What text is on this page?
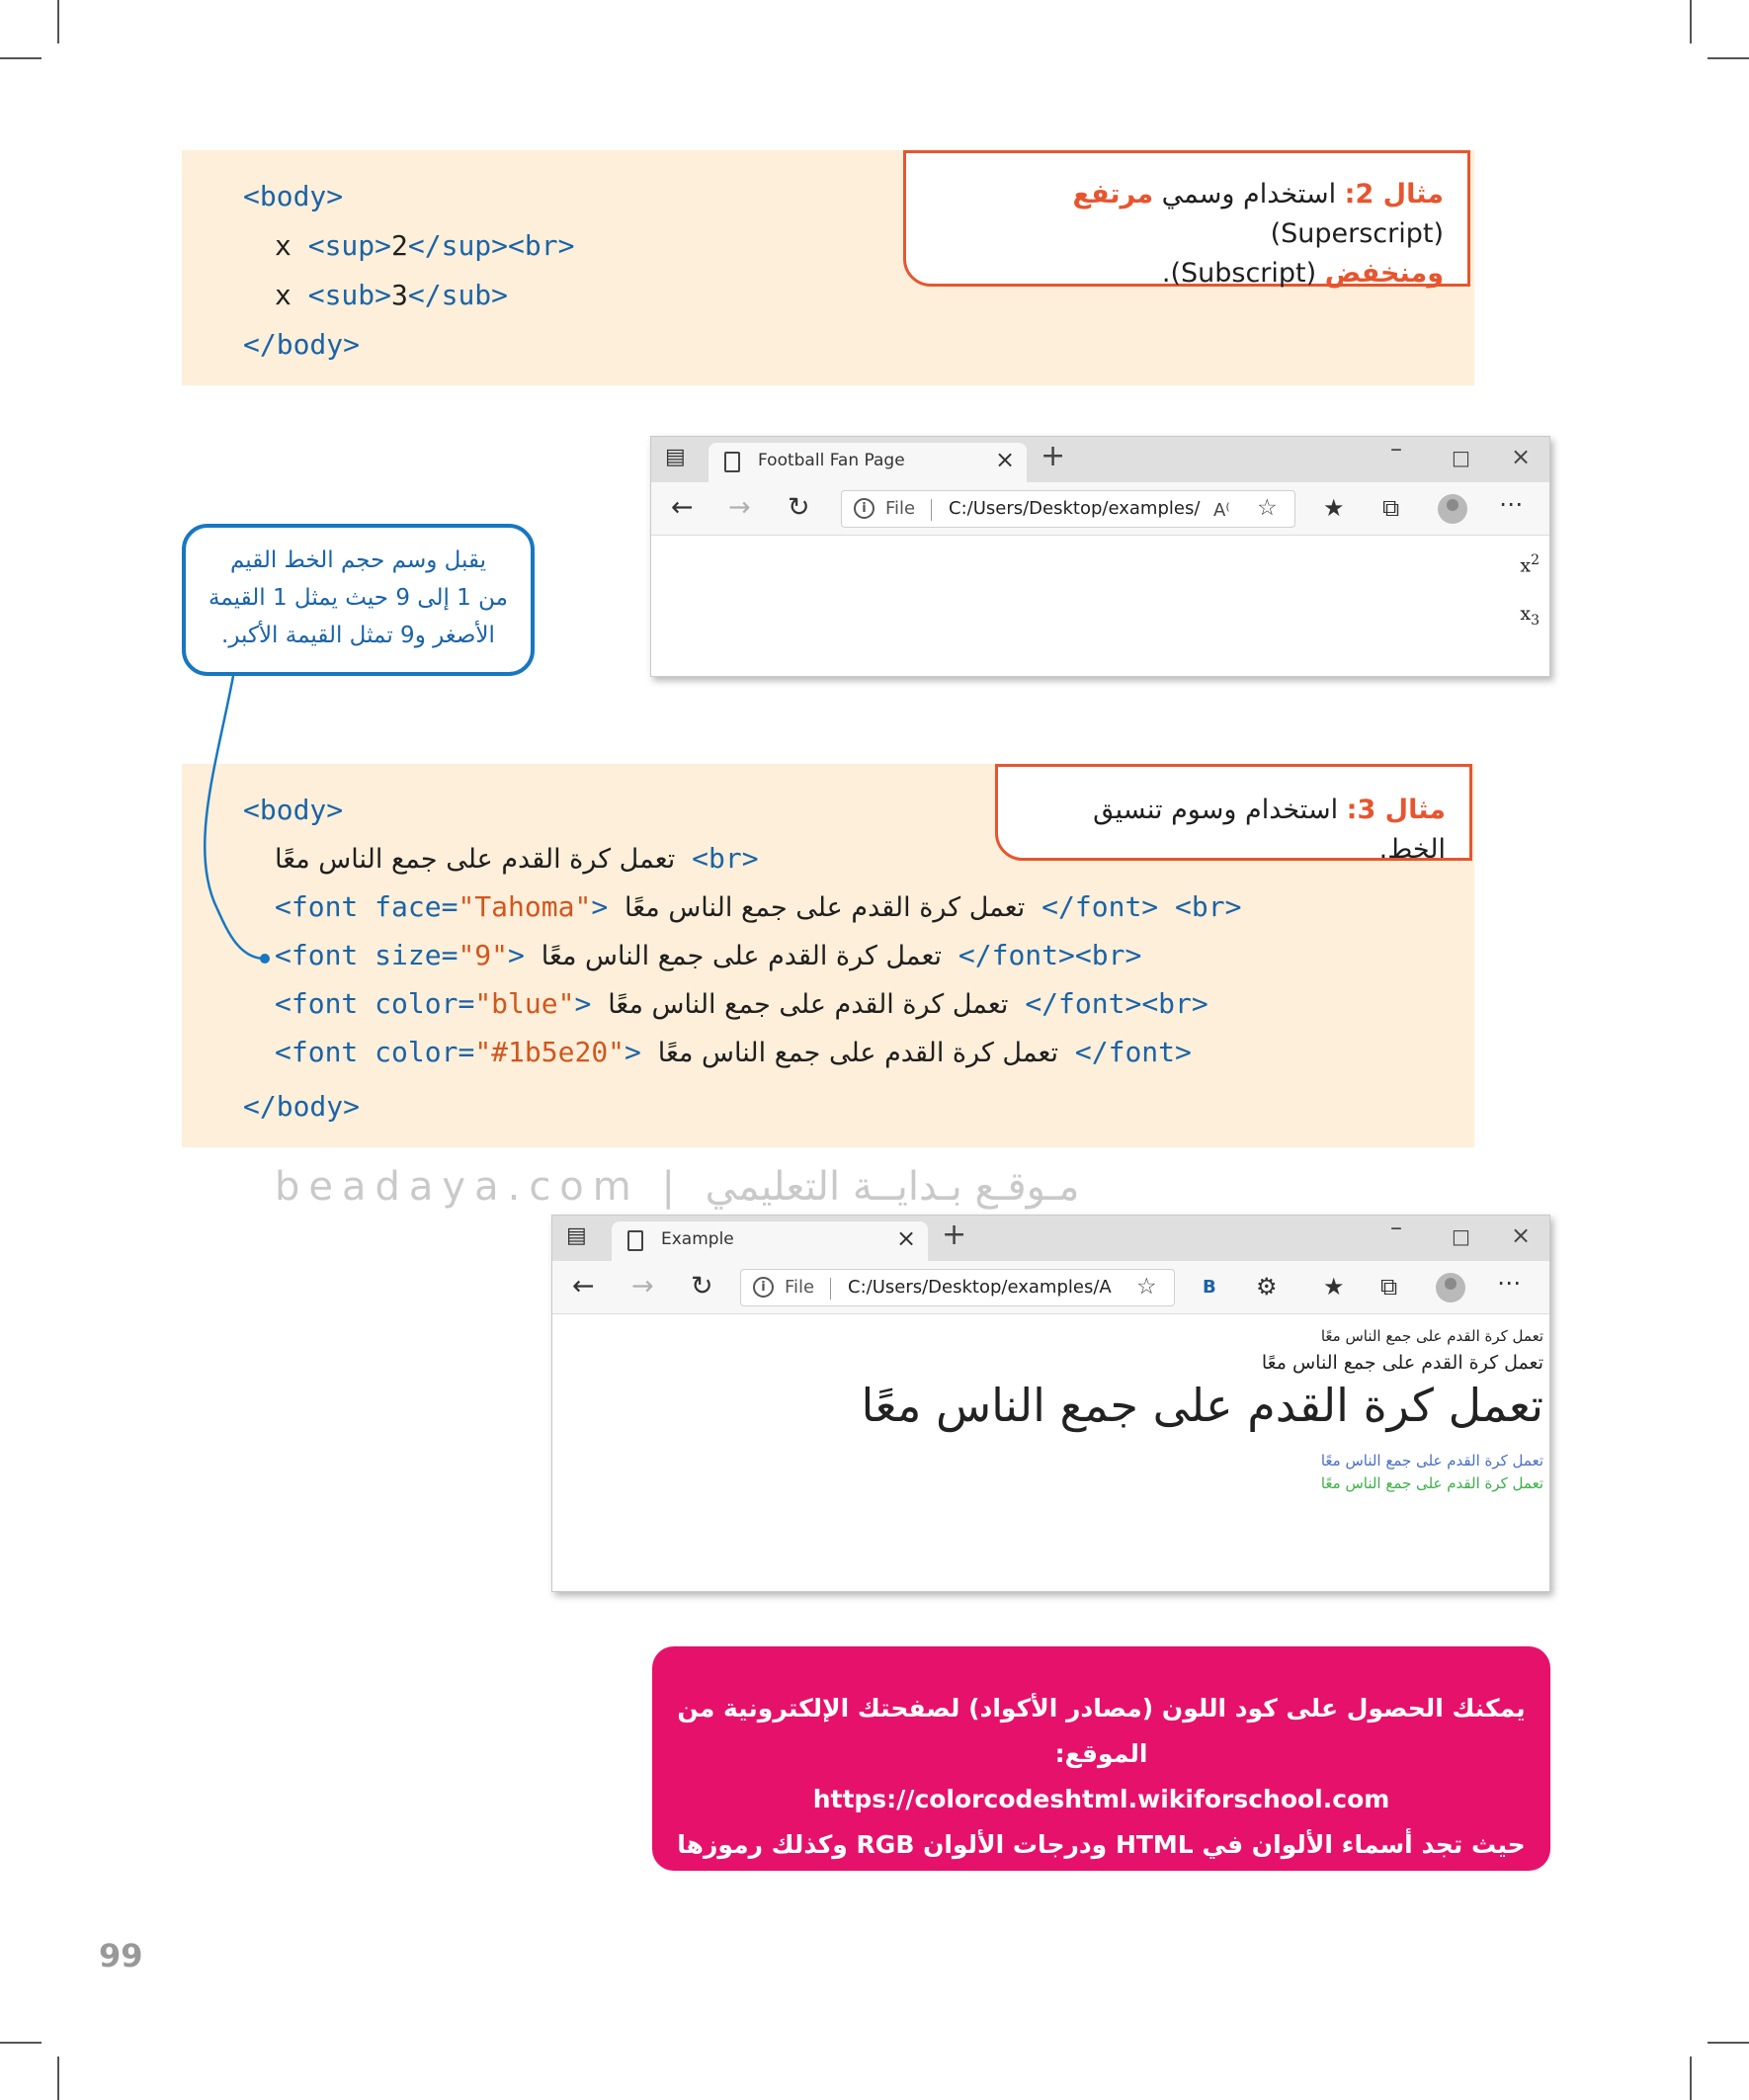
<body>
x <sup>2</sup><br>
x <sub>3</sub>
</body>
مثال 2: استخدام وسمي مرتفع (Superscript)
ومنخفض (Subscript).
▤	Football Fan Page	× +	–	□ ×
← → ↻	i	File C:/Users/Desktop/examples/ A⁽ ☆ ★ ⧉	⋯
$x^2$
$x_3$
يقبل وسم حجم الخط القيم
من 1 إلى 9 حيث يمثل 1 القيمة
الأصغر و9 تمثل القيمة الأكبر.
<body>
تعمل كرة القدم على جمع الناس معًا <br>
<font face="Tahoma"> تعمل كرة القدم على جمع الناس معًا </font> <br>
<font size="9"> تعمل كرة القدم على جمع الناس معًا </font><br>
<font color="blue"> تعمل كرة القدم على جمع الناس معًا </font><br>
<font color="#1b5e20"> تعمل كرة القدم على جمع الناس معًا </font>
</body>
مثال 3: استخدام وسوم تنسيق الخط.
beadaya.com | مـوقـع بـدايــة التعليمي
▤	Example	× +	–	□ ×
← → ↻	i	File C:/Users/Desktop/examples/A ☆	B ⚙ ★ ⧉	⋯
تعمل كرة القدم على جمع الناس معًا
تعمل كرة القدم على جمع الناس معًا
تعمل كرة القدم على جمع الناس معًا
تعمل كرة القدم على جمع الناس معًا
تعمل كرة القدم على جمع الناس معًا
يمكنك الحصول على كود اللون (مصادر الأكواد) لصفحتك الإلكترونية من الموقع:
https://colorcodeshtml.wikiforschool.com
حيث تجد أسماء الألوان في HTML ودرجات الألوان RGB وكذلك رموزها Hex.
99
